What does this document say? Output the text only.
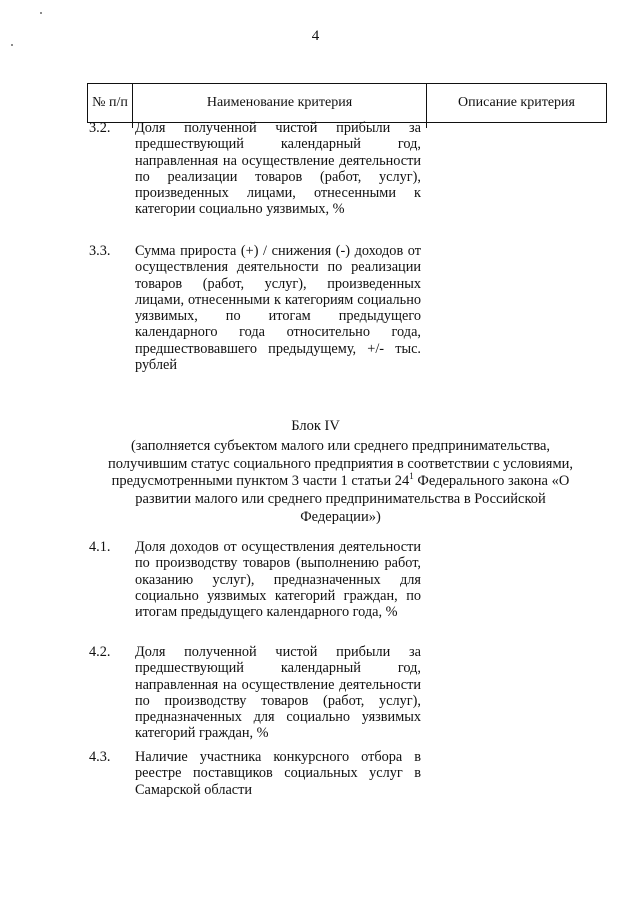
4
№ п/п	Наименование критерия	Описание критерия
3.2. Доля полученной чистой прибыли за предшествующий календарный год, направленная на осуществление деятельности по реализации товаров (работ, услуг), произведенных лицами, отнесенными к категории социально уязвимых, %
3.3. Сумма прироста (+) / снижения (-) доходов от осуществления деятельности по реализации товаров (работ, услуг), произведенных лицами, отнесенными к категориям социально уязвимых, по итогам предыдущего календарного года относительно года, предшествовавшего предыдущему, +/- тыс. рублей

Блок IV

(заполняется субъектом малого или среднего предпринимательства, получившим статус социального предприятия в соответствии с условиями, предусмотренными пунктом 3 части 1 статьи $24^1$ Федерального закона «О развитии малого или среднего предпринимательства в Российской Федерации»)

4.1. Доля доходов от осуществления деятельности по производству товаров (выполнению работ, оказанию услуг), предназначенных для социально уязвимых категорий граждан, по итогам предыдущего календарного года, %
4.2. Доля полученной чистой прибыли за предшествующий календарный год, направленная на осуществление деятельности по производству товаров (работ, услуг), предназначенных для социально уязвимых категорий граждан, %
4.3. Наличие участника конкурсного отбора в реестре поставщиков социальных услуг в Самарской области
